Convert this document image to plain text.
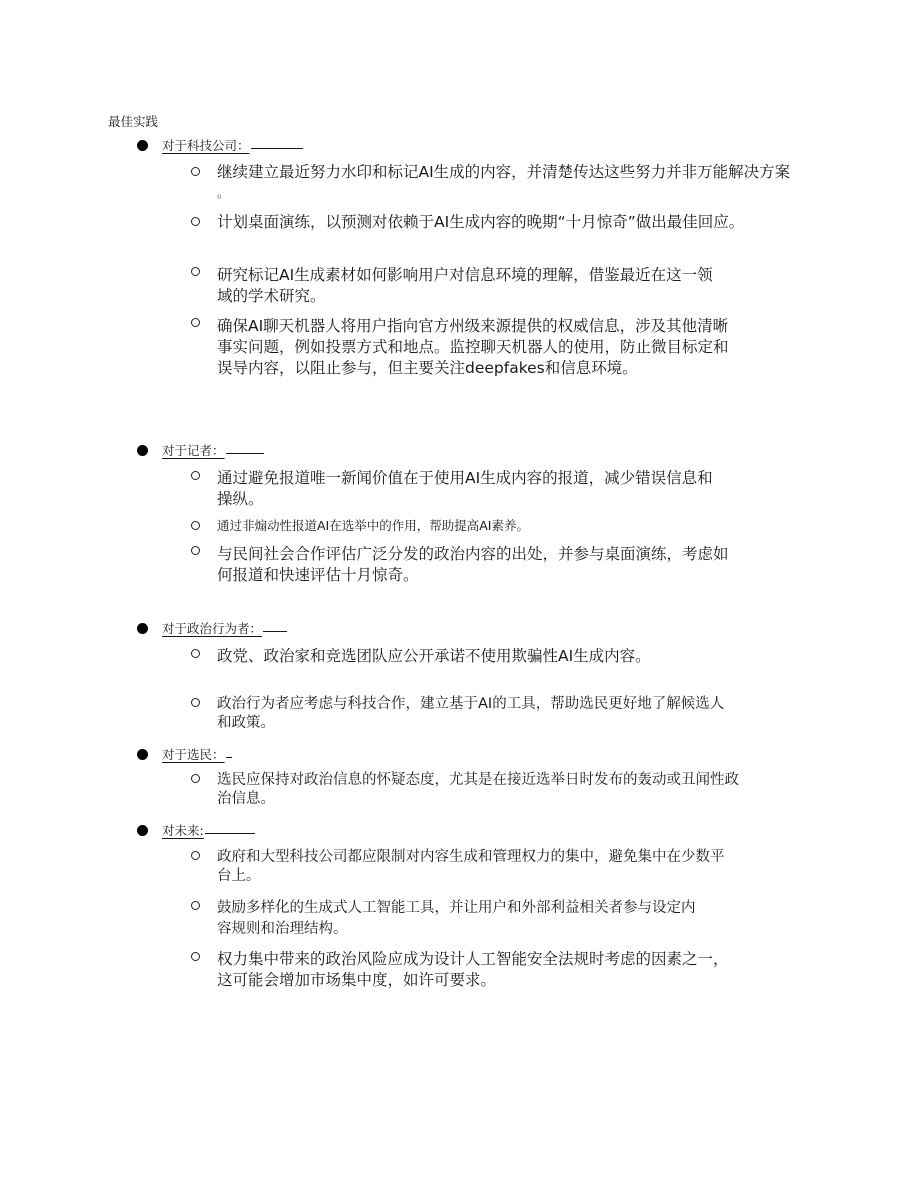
最佳实践
对于科技公司：
继续建立最近努力水印和标记AI生成的内容，并清楚传达这些努力并非万能解决方案
。
计划桌面演练，以预测对依赖于AI生成内容的晚期“十月惊奇”做出最佳回应。
研究标记AI生成素材如何影响用户对信息环境的理解，借鉴最近在这一领
域的学术研究。
确保AI聊天机器人将用户指向官方州级来源提供的权威信息，涉及其他清晰
事实问题，例如投票方式和地点。监控聊天机器人的使用，防止微目标定和
误导内容，以阻止参与，但主要关注deepfakes和信息环境。
对于记者：
通过避免报道唯一新闻价值在于使用AI生成内容的报道，减少错误信息和
操纵。
通过非煽动性报道AI在选举中的作用，帮助提高AI素养。
与民间社会合作评估广泛分发的政治内容的出处，并参与桌面演练，考虑如
何报道和快速评估十月惊奇。
对于政治行为者：
政党、政治家和竞选团队应公开承诺不使用欺骗性AI生成内容。
政治行为者应考虑与科技合作，建立基于AI的工具，帮助选民更好地了解候选人
和政策。
对于选民：
选民应保持对政治信息的怀疑态度，尤其是在接近选举日时发布的轰动或丑闻性政
治信息。
对未来:
政府和大型科技公司都应限制对内容生成和管理权力的集中，避免集中在少数平
台上。
鼓励多样化的生成式人工智能工具，并让用户和外部利益相关者参与设定内
容规则和治理结构。
权力集中带来的政治风险应成为设计人工智能安全法规时考虑的因素之一，
这可能会增加市场集中度，如许可要求。
